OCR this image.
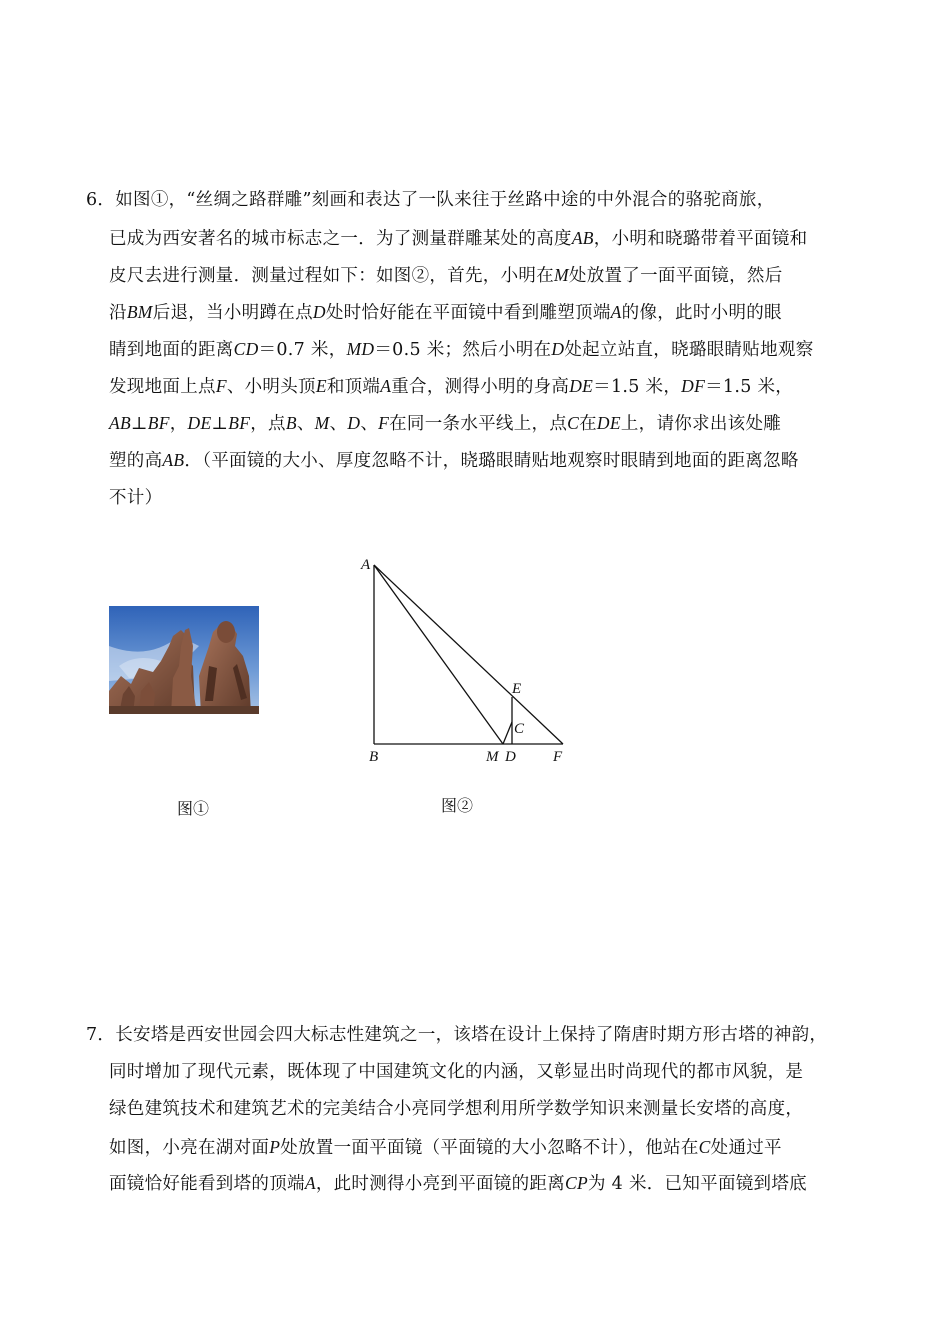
6．如图①，“丝绸之路群雕”刻画和表达了一队来往于丝路中途的中外混合的骆驼商旅，
已成为西安著名的城市标志之一．为了测量群雕某处的高度AB，小明和晓璐带着平面镜和
皮尺去进行测量．测量过程如下：如图②，首先，小明在M处放置了一面平面镜，然后
沿BM后退，当小明蹲在点D处时恰好能在平面镜中看到雕塑顶端A的像，此时小明的眼
睛到地面的距离CD＝0.7 米，MD＝0.5 米；然后小明在D处起立站直，晓璐眼睛贴地观察
发现地面上点F、小明头顶E和顶端A重合，测得小明的身高DE＝1.5 米，DF＝1.5 米，
AB⊥BF，DE⊥BF，点B、M、D、F在同一条水平线上，点C在DE上，请你求出该处雕
塑的高AB．（平面镜的大小、厚度忽略不计，晓璐眼睛贴地观察时眼睛到地面的距离忽略
不计）
图①
A
B	M D F
E
C
图②
7．长安塔是西安世园会四大标志性建筑之一，该塔在设计上保持了隋唐时期方形古塔的神韵，
同时增加了现代元素，既体现了中国建筑文化的内涵，又彰显出时尚现代的都市风貌，是
绿色建筑技术和建筑艺术的完美结合小亮同学想利用所学数学知识来测量长安塔的高度，
如图，小亮在湖对面P处放置一面平面镜（平面镜的大小忽略不计），他站在C处通过平
面镜恰好能看到塔的顶端A，此时测得小亮到平面镜的距离CP为 4 米．已知平面镜到塔底
